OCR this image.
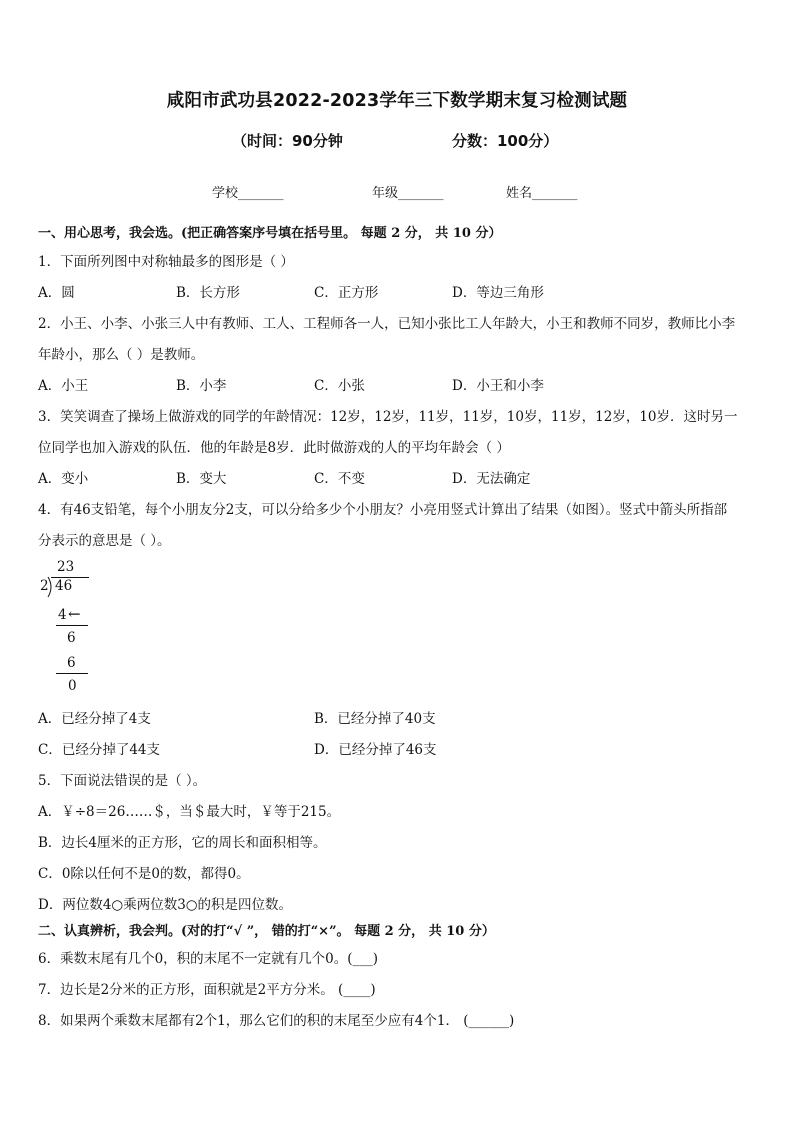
咸阳市武功县2022-2023学年三下数学期末复习检测试题
（时间：90分钟	分数：100分）
学校_______	年级_______	姓名_______
一、用心思考，我会选。(把正确答案序号填在括号里。 每题 2 分， 共 10 分）
1．下面所列图中对称轴最多的图形是（ ）
A．圆	B．长方形	C．正方形	D．等边三角形
2．小王、小李、小张三人中有教师、工人、工程师各一人，已知小张比工人年龄大，小王和教师不同岁，教师比小李
年龄小，那么（ ）是教师。
A．小王	B．小李	C．小张	D．小王和小李
3．笑笑调查了操场上做游戏的同学的年龄情况：12岁，12岁，11岁，11岁，10岁，11岁，12岁，10岁．这时另一
位同学也加入游戏的队伍．他的年龄是8岁．此时做游戏的人的平均年龄会（ ）
A．变小	B．变大	C．不变	D．无法确定
4．有46支铅笔，每个小朋友分2支，可以分给多少个小朋友？小亮用竖式计算出了结果（如图）。竖式中箭头所指部
分表示的意思是（ ）。
23
2 46
4 ←
6
6
0
A．已经分掉了4支	B．已经分掉了40支
C．已经分掉了44支	D．已经分掉了46支
5．下面说法错误的是（ ）。
A．￥÷8＝26……＄，当＄最大时，￥等于215。
B．边长4厘米的正方形，它的周长和面积相等。
C．0除以任何不是0的数，都得0。
D．两位数4○乘两位数3○的积是四位数。
二、认真辨析，我会判。(对的打“√ ”， 错的打“×”。 每题 2 分， 共 10 分）
6．乘数末尾有几个0，积的末尾不一定就有几个0。(___)
7．边长是2分米的正方形，面积就是2平方分米。 (____)
8．如果两个乘数末尾都有2个1，那么它们的积的末尾至少应有4个1． (______)
